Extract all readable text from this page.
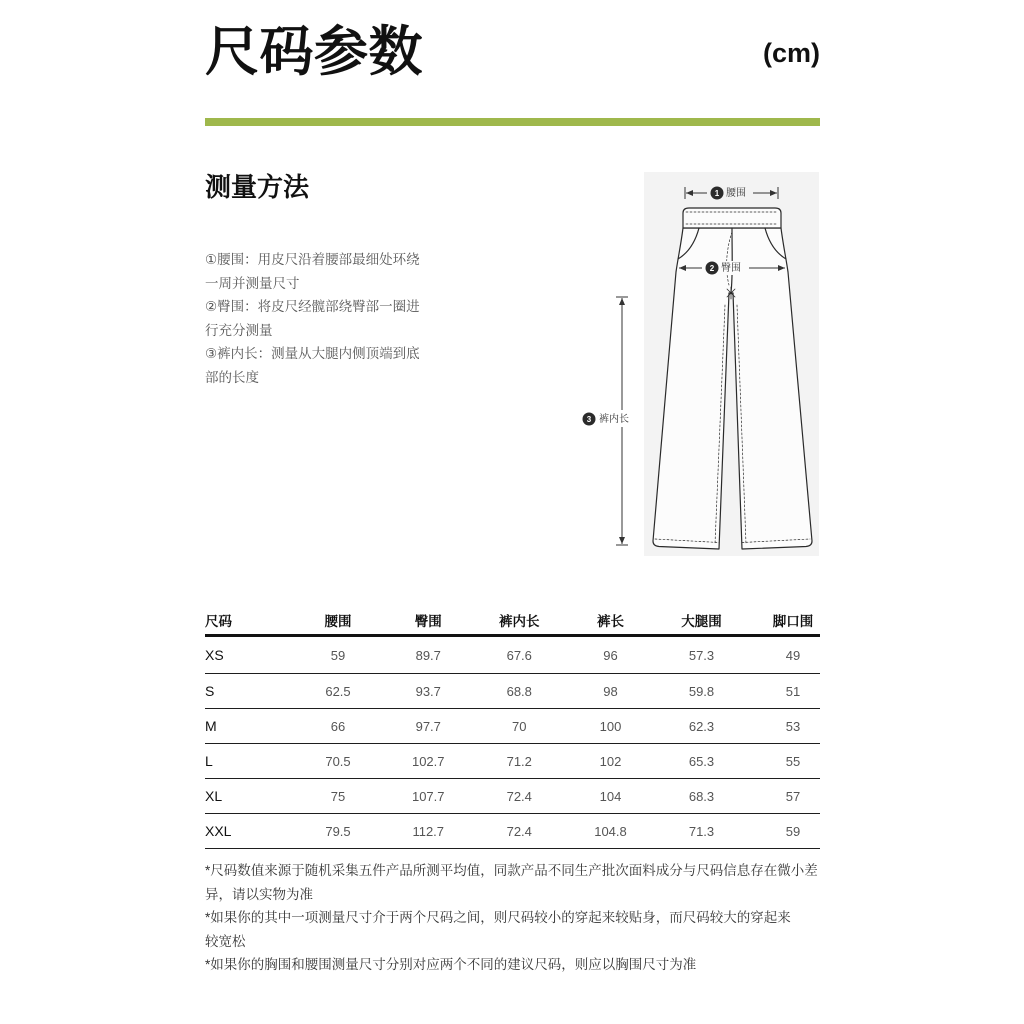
尺码参数	(cm)
测量方法
①腰围：用皮尺沿着腰部最细处环绕
一周并测量尺寸
②臀围：将皮尺经髋部绕臀部一圈进
行充分测量
③裤内长：测量从大腿内侧顶端到底
部的长度
1 腰围
2 臀围
3 裤内长
尺码	腰围	臀围	裤内长	裤长	大腿围	脚口围
XS	59	89.7	67.6	96	57.3	49
S	62.5	93.7	68.8	98	59.8	51
M	66	97.7	70	100	62.3	53
L	70.5	102.7	71.2	102	65.3	55
XL	75	107.7	72.4	104	68.3	57
XXL	79.5	112.7	72.4	104.8	71.3	59
*尺码数值来源于随机采集五件产品所测平均值，同款产品不同生产批次面料成分与尺码信息存在微小差
异，请以实物为准
*如果你的其中一项测量尺寸介于两个尺码之间，则尺码较小的穿起来较贴身，而尺码较大的穿起来
较宽松
*如果你的胸围和腰围测量尺寸分别对应两个不同的建议尺码，则应以胸围尺寸为准
